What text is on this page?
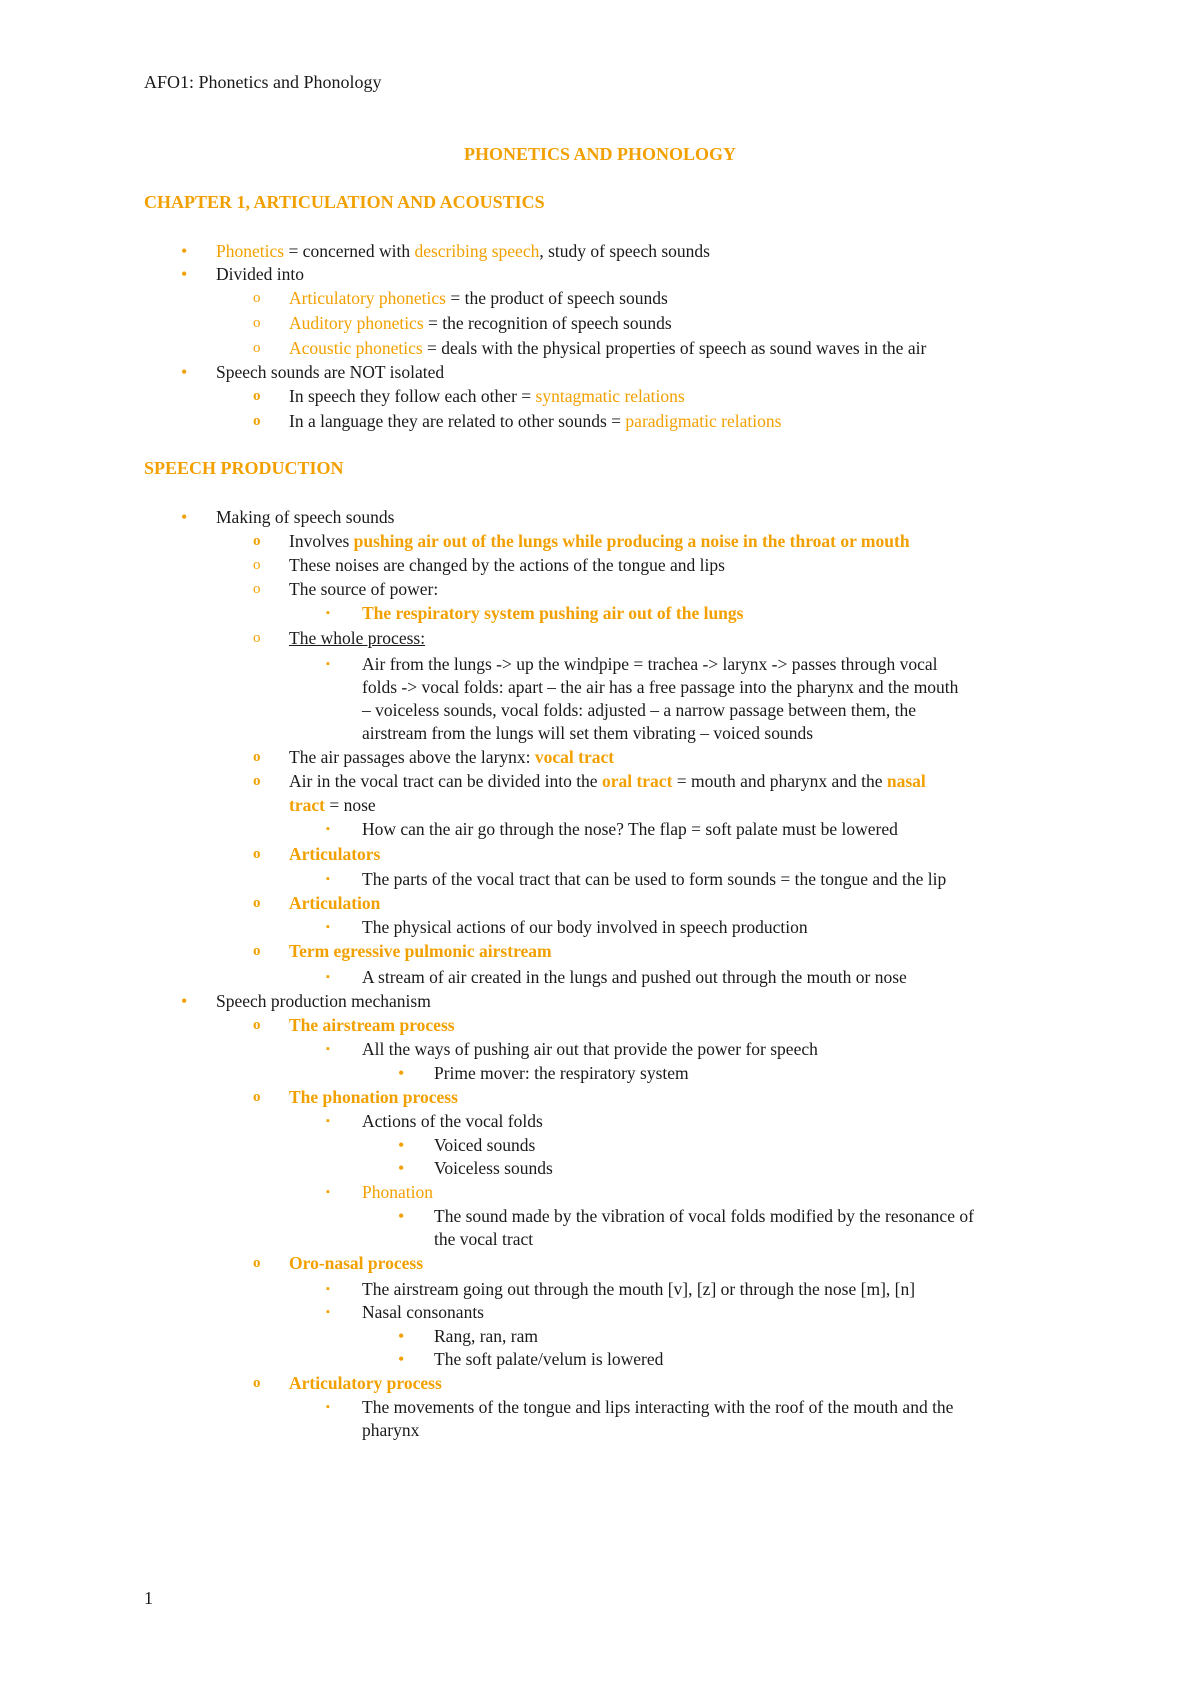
AFO1: Phonetics and Phonology
PHONETICS AND PHONOLOGY
CHAPTER 1, ARTICULATION AND ACOUSTICS
• Phonetics = concerned with describing speech, study of speech sounds
• Divided into
o Articulatory phonetics = the product of speech sounds
o Auditory phonetics = the recognition of speech sounds
o Acoustic phonetics = deals with the physical properties of speech as sound waves in the air
• Speech sounds are NOT isolated
o In speech they follow each other = syntagmatic relations
o In a language they are related to other sounds = paradigmatic relations
SPEECH PRODUCTION
• Making of speech sounds
o Involves pushing air out of the lungs while producing a noise in the throat or mouth
o These noises are changed by the actions of the tongue and lips
o The source of power:
▪ The respiratory system pushing air out of the lungs
o The whole process:
▪ Air from the lungs -> up the windpipe = trachea -> larynx -> passes through vocal
folds -> vocal folds: apart – the air has a free passage into the pharynx and the mouth
– voiceless sounds, vocal folds: adjusted – a narrow passage between them, the
airstream from the lungs will set them vibrating – voiced sounds
o The air passages above the larynx: vocal tract
o Air in the vocal tract can be divided into the oral tract = mouth and pharynx and the nasal
tract = nose
▪ How can the air go through the nose? The flap = soft palate must be lowered
o Articulators
▪ The parts of the vocal tract that can be used to form sounds = the tongue and the lip
o Articulation
▪ The physical actions of our body involved in speech production
o Term egressive pulmonic airstream
▪ A stream of air created in the lungs and pushed out through the mouth or nose
• Speech production mechanism
o The airstream process
▪ All the ways of pushing air out that provide the power for speech
• Prime mover: the respiratory system
o The phonation process
▪ Actions of the vocal folds
• Voiced sounds
• Voiceless sounds
▪ Phonation
• The sound made by the vibration of vocal folds modified by the resonance of
the vocal tract
o Oro-nasal process
▪ The airstream going out through the mouth [v], [z] or through the nose [m], [n]
▪ Nasal consonants
• Rang, ran, ram
• The soft palate/velum is lowered
o Articulatory process
▪ The movements of the tongue and lips interacting with the roof of the mouth and the
pharynx
1
